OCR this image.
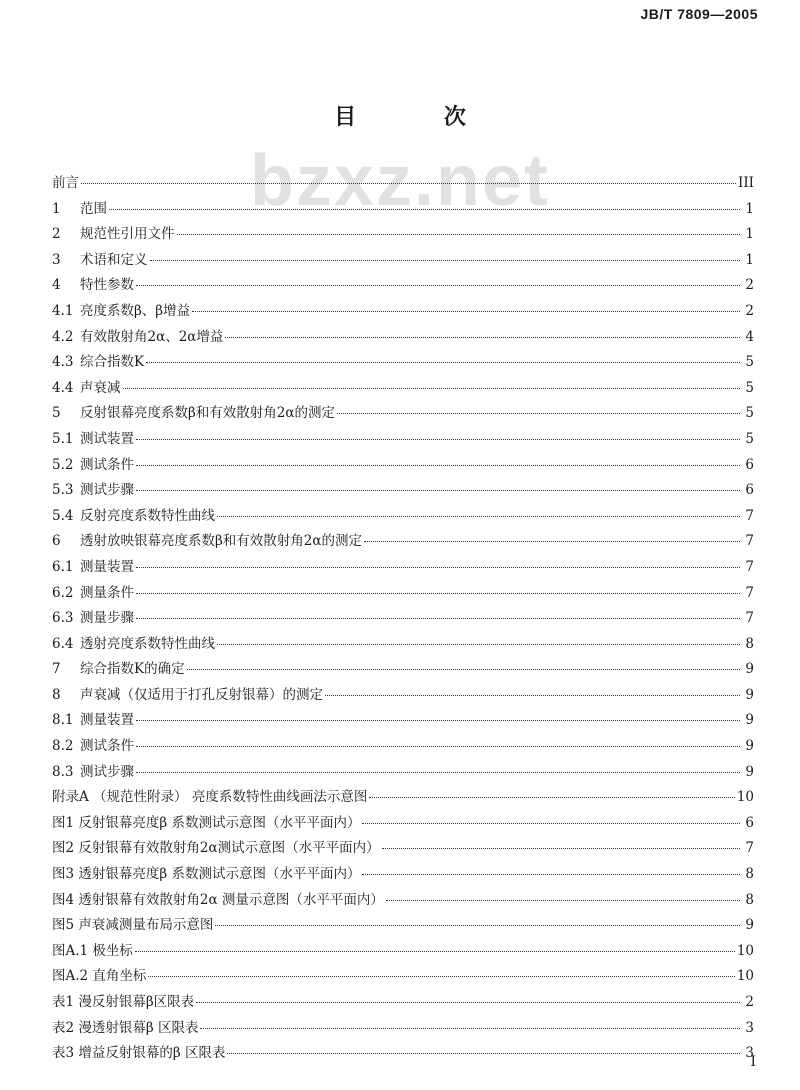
JB/T 7809—2005
bzxz.net
目 次
前言	III
1	范围	1
2	规范性引用文件	1
3	术语和定义	1
4	特性参数	2
4.1 亮度系数β、β增益	2
4.2 有效散射角2α、2α增益	4
4.3 综合指数K	5
4.4 声衰减	5
5	反射银幕亮度系数β和有效散射角2α的测定	5
5.1 测试装置	5
5.2 测试条件	6
5.3 测试步骤	6
5.4 反射亮度系数特性曲线	7
6	透射放映银幕亮度系数β和有效散射角2α的测定	7
6.1 测量装置	7
6.2 测量条件	7
6.3 测量步骤	7
6.4 透射亮度系数特性曲线	8
7	综合指数K的确定	9
8	声衰减（仅适用于打孔反射银幕）的测定	9
8.1 测量装置	9
8.2 测试条件	9
8.3 测试步骤	9
附录A （规范性附录） 亮度系数特性曲线画法示意图	10
图1 反射银幕亮度β 系数测试示意图（水平平面内）	6
图2 反射银幕有效散射角2α测试示意图（水平平面内）	7
图3 透射银幕亮度β 系数测试示意图（水平平面内）	8
图4 透射银幕有效散射角2α 测量示意图（水平平面内）	8
图5 声衰减测量布局示意图	9
图A.1 极坐标	10
图A.2 直角坐标	10
表1 漫反射银幕β区限表	2
表2 漫透射银幕β 区限表	3
表3 增益反射银幕的β 区限表	3
I
